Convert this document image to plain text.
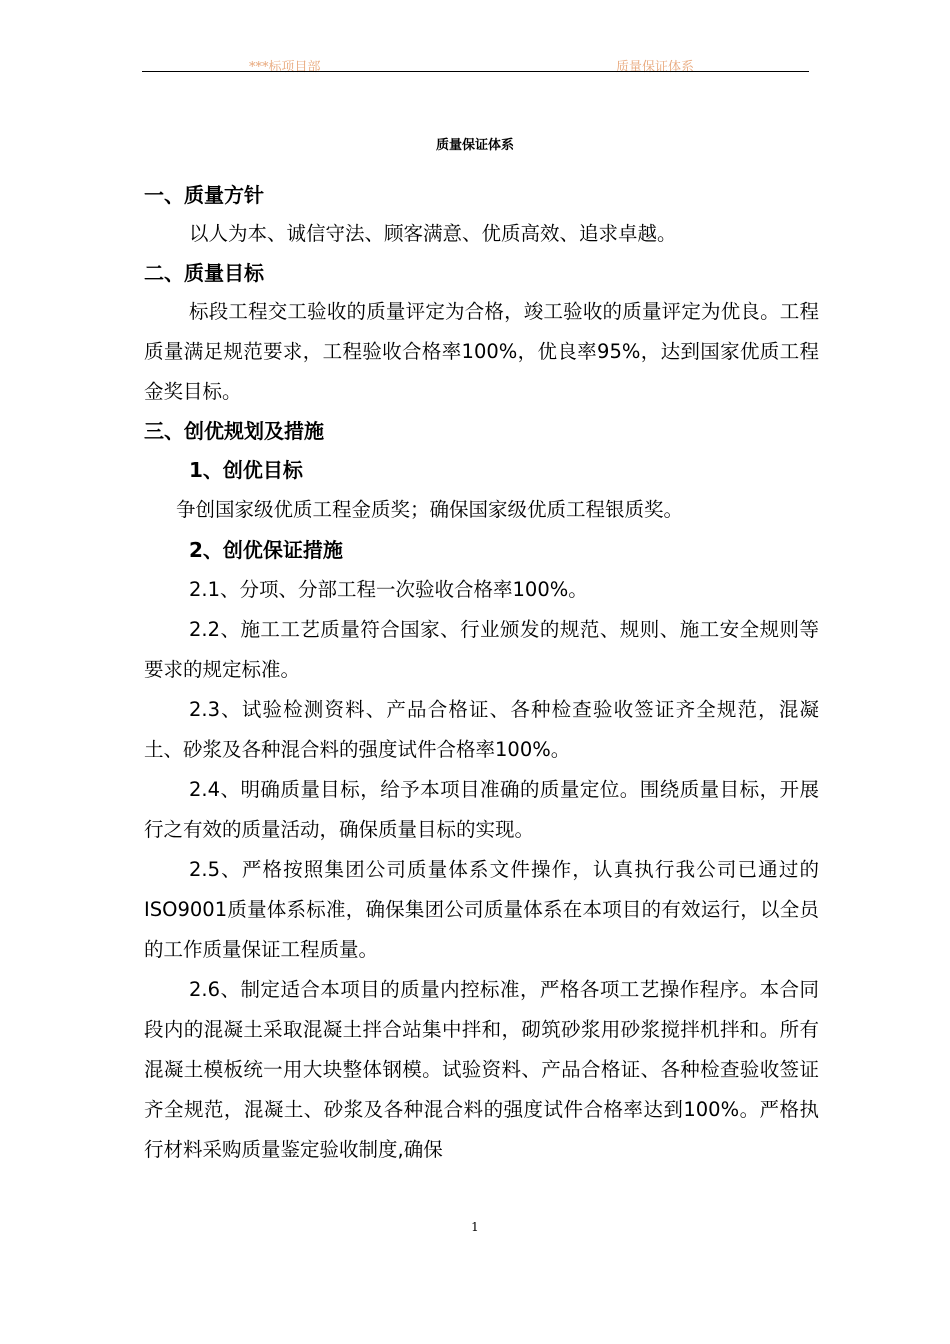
***标项目部	质量保证体系
质量保证体系
一、质量方针
以人为本、诚信守法、顾客满意、优质高效、追求卓越。
二、质量目标
标段工程交工验收的质量评定为合格，竣工验收的质量评定为优良。工程质量满足规范要求，工程验收合格率100%，优良率95%，达到国家优质工程金奖目标。
三、创优规划及措施
1、创优目标
争创国家级优质工程金质奖；确保国家级优质工程银质奖。
2、创优保证措施
2.1、分项、分部工程一次验收合格率100%。
2.2、施工工艺质量符合国家、行业颁发的规范、规则、施工安全规则等要求的规定标准。
2.3、试验检测资料、产品合格证、各种检查验收签证齐全规范，混凝土、砂浆及各种混合料的强度试件合格率100%。
2.4、明确质量目标，给予本项目准确的质量定位。围绕质量目标，开展行之有效的质量活动，确保质量目标的实现。
2.5、严格按照集团公司质量体系文件操作，认真执行我公司已通过的ISO9001质量体系标准，确保集团公司质量体系在本项目的有效运行，以全员的工作质量保证工程质量。
2.6、制定适合本项目的质量内控标准，严格各项工艺操作程序。本合同段内的混凝土采取混凝土拌合站集中拌和，砌筑砂浆用砂浆搅拌机拌和。所有混凝土模板统一用大块整体钢模。试验资料、产品合格证、各种检查验收签证齐全规范，混凝土、砂浆及各种混合料的强度试件合格率达到100%。严格执行材料采购质量鉴定验收制度,确保
1
